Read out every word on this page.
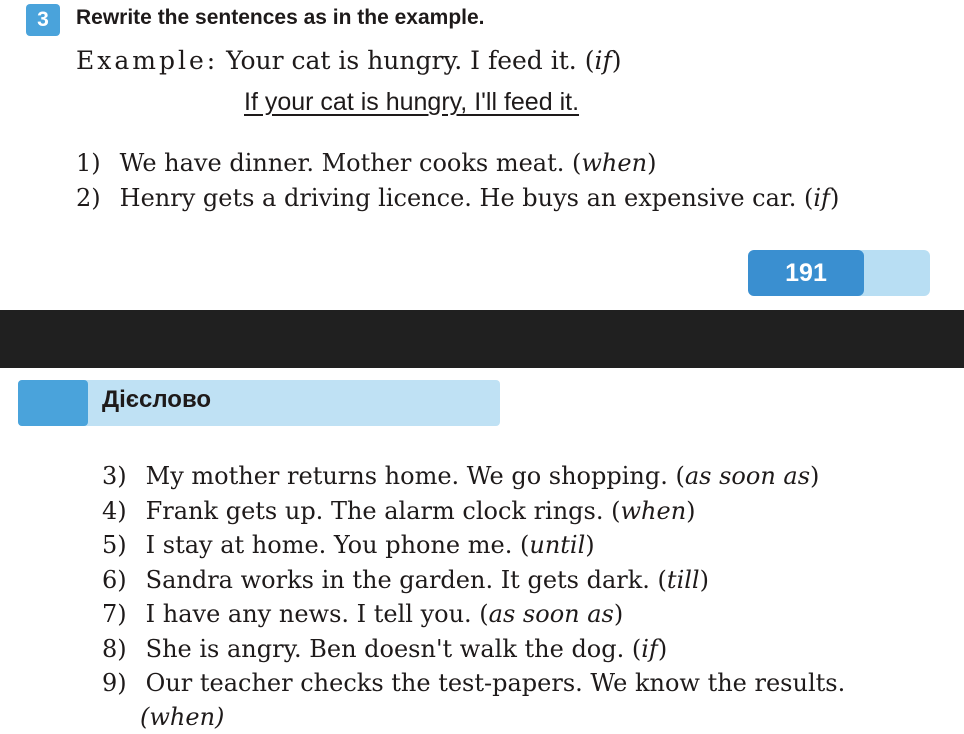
3	Rewrite the sentences as in the example.
Example: Your cat is hungry. I feed it. (if)
If your cat is hungry, I'll feed it.
1) We have dinner. Mother cooks meat. (when)
2) Henry gets a driving licence. He buys an expensive car. (if)
191
Дієслово
3) My mother returns home. We go shopping. (as soon as)
4) Frank gets up. The alarm clock rings. (when)
5) I stay at home. You phone me. (until)
6) Sandra works in the garden. It gets dark. (till)
7) I have any news. I tell you. (as soon as)
8) She is angry. Ben doesn't walk the dog. (if)
9) Our teacher checks the test-papers. We know the results.
(when)
